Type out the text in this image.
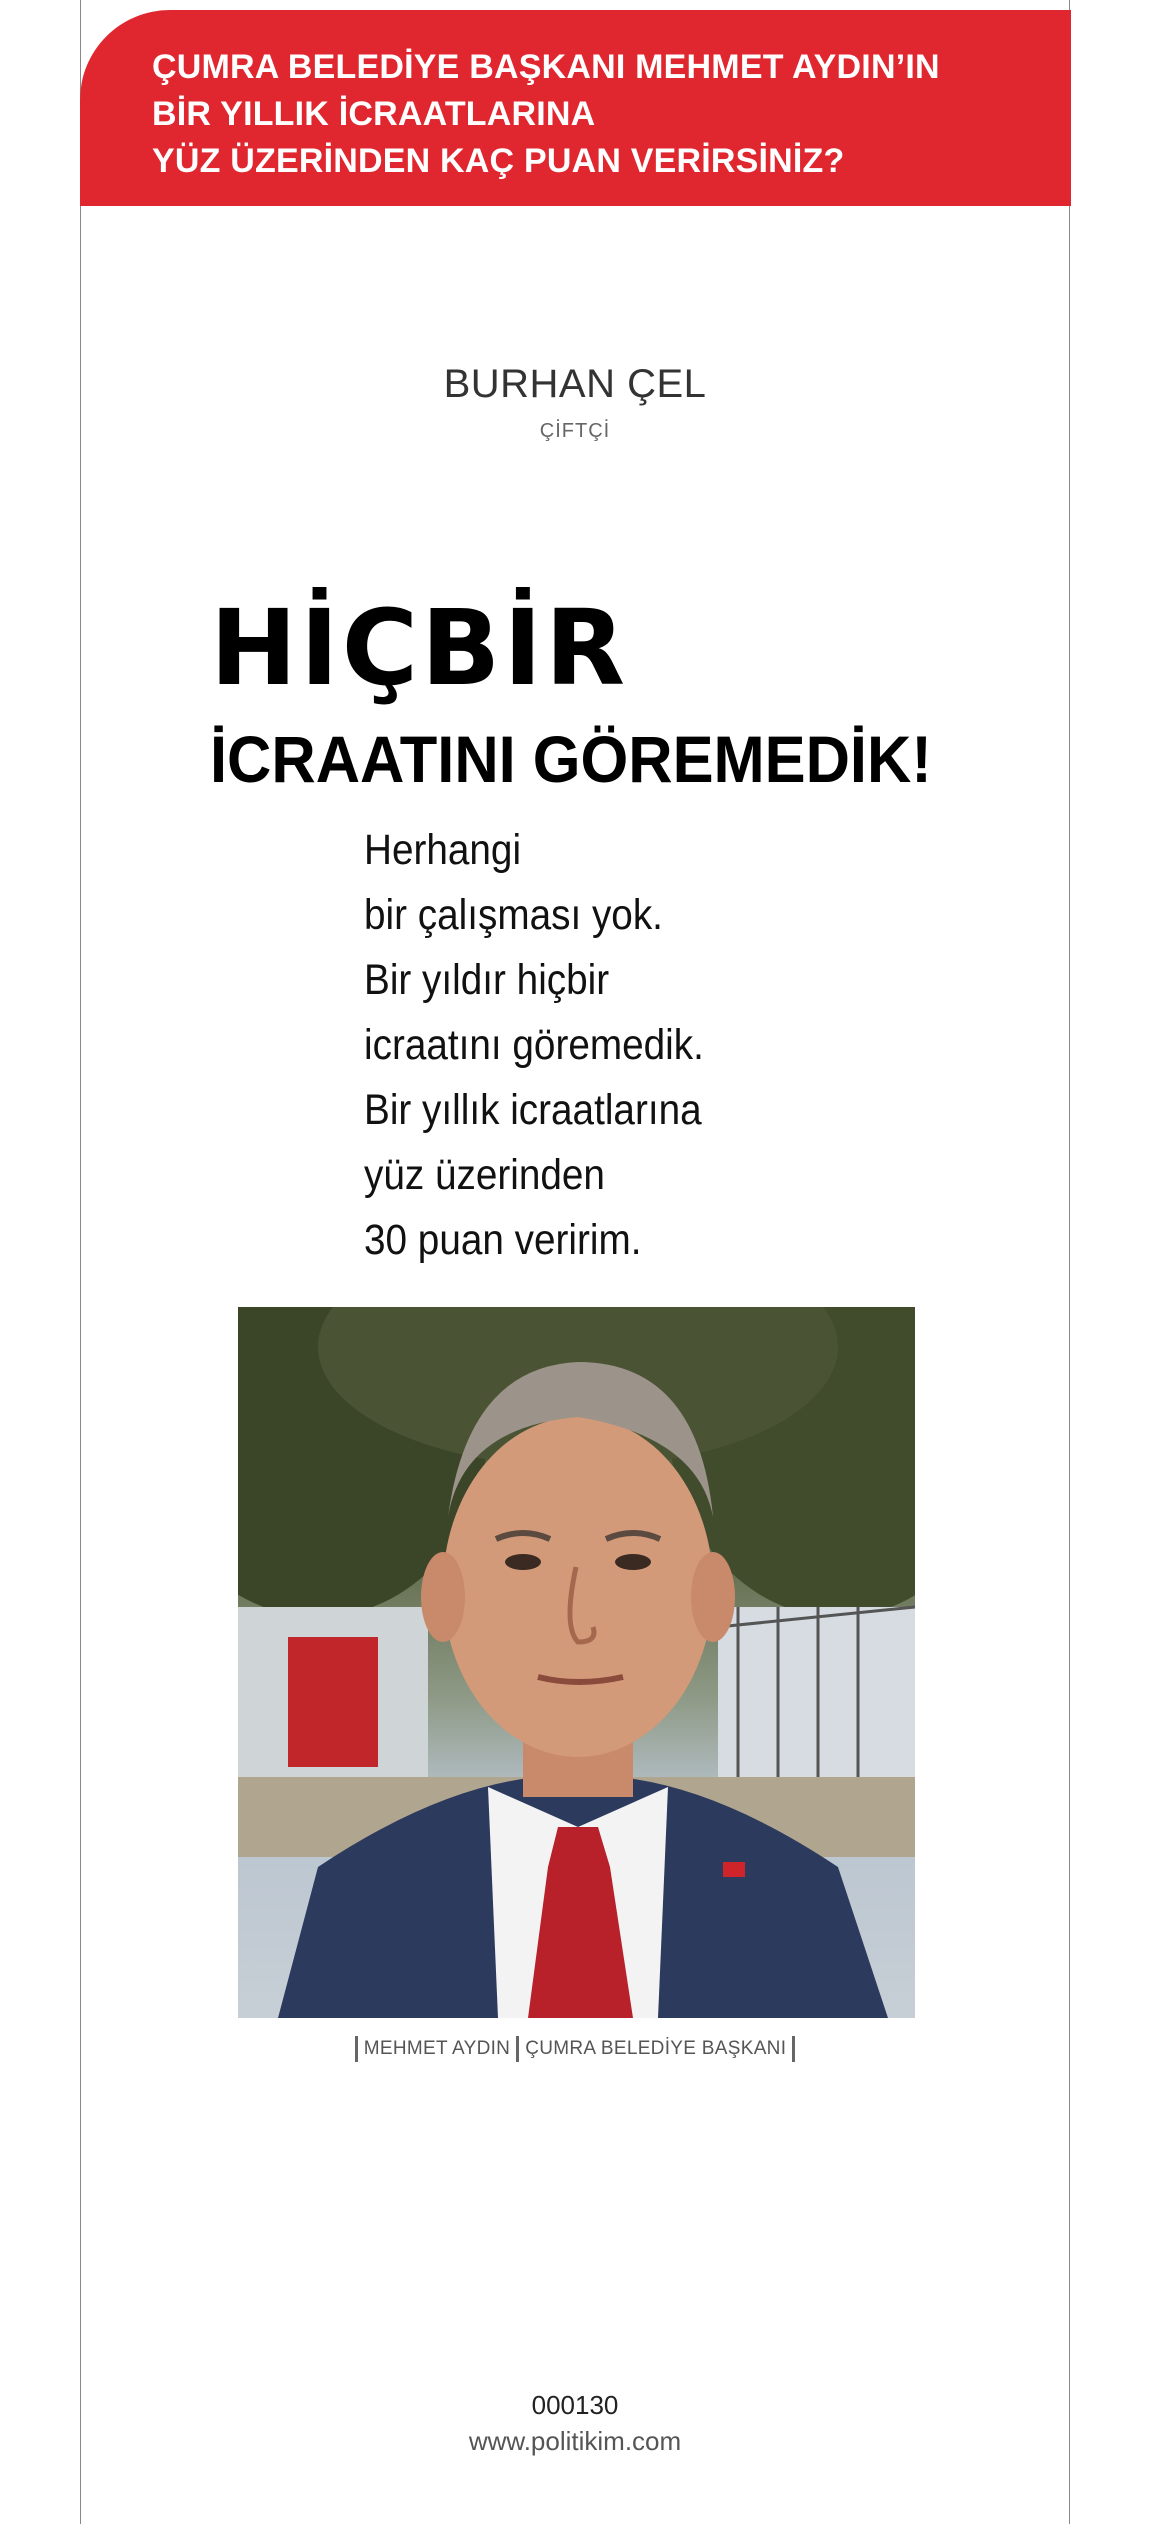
ÇUMRA BELEDİYE BAŞKANI MEHMET AYDIN’IN
BİR YILLIK İCRAATLARINA
YÜZ ÜZERİNDEN KAÇ PUAN VERİRSİNİZ?
BURHAN ÇEL
ÇİFTÇİ
HİÇBİR
İCRAATINI GÖREMEDİK!
Herhangi
bir çalışması yok.
Bir yıldır hiçbir
icraatını göremedik.
Bir yıllık icraatlarına
yüz üzerinden
30 puan veririm.
MEHMET AYDIN ÇUMRA BELEDİYE BAŞKANI
000130
www.politikim.com
